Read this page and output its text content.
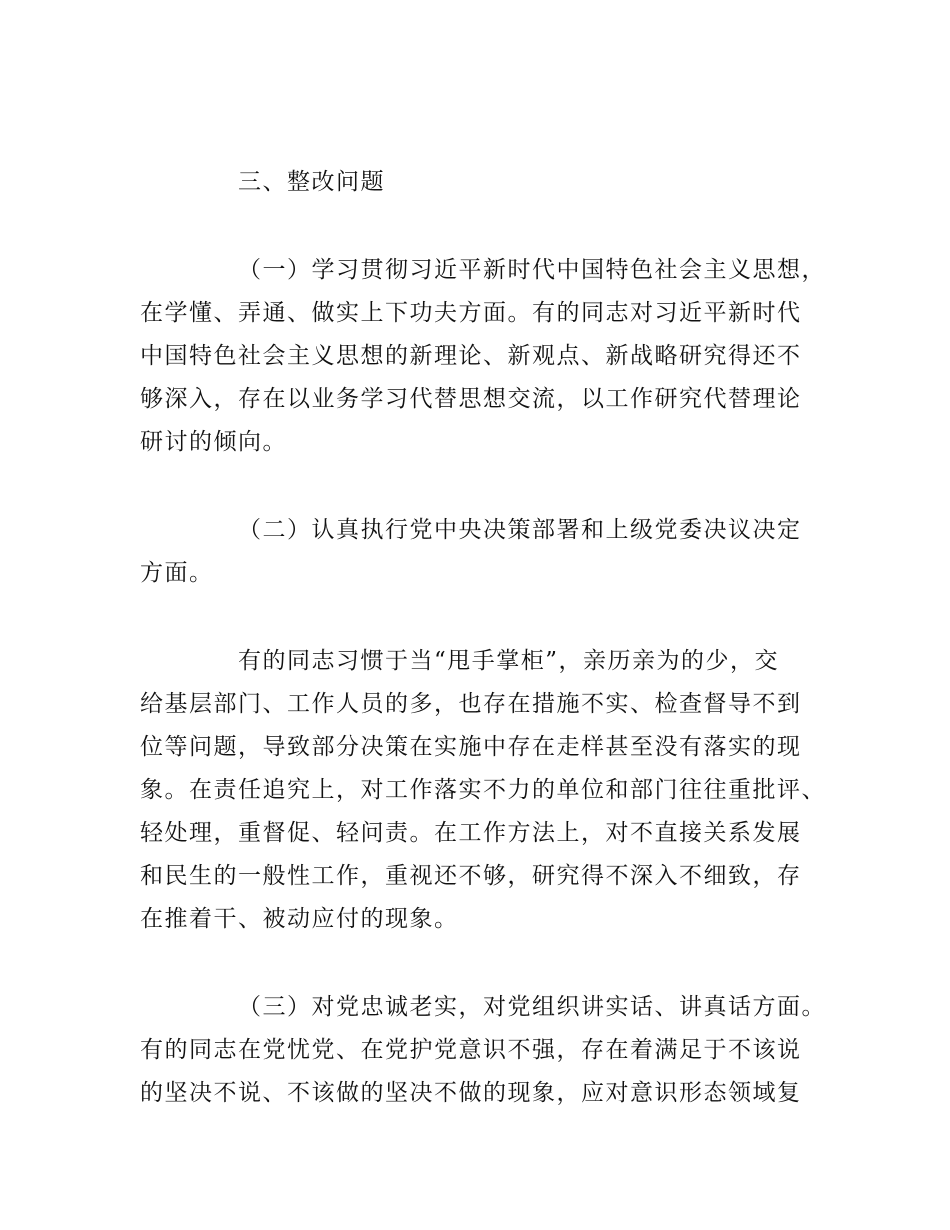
三、整改问题
（一）学习贯彻习近平新时代中国特色社会主义思想，
在学懂、弄通、做实上下功夫方面。有的同志对习近平新时代
中国特色社会主义思想的新理论、新观点、新战略研究得还不
够深入，存在以业务学习代替思想交流，以工作研究代替理论
研讨的倾向。
（二）认真执行党中央决策部署和上级党委决议决定
方面。
有的同志习惯于当“甩手掌柜”，亲历亲为的少，交
给基层部门、工作人员的多，也存在措施不实、检查督导不到
位等问题，导致部分决策在实施中存在走样甚至没有落实的现
象。在责任追究上，对工作落实不力的单位和部门往往重批评、
轻处理，重督促、轻问责。在工作方法上，对不直接关系发展
和民生的一般性工作，重视还不够，研究得不深入不细致，存
在推着干、被动应付的现象。
（三）对党忠诚老实，对党组织讲实话、讲真话方面。
有的同志在党忧党、在党护党意识不强，存在着满足于不该说
的坚决不说、不该做的坚决不做的现象，应对意识形态领域复
